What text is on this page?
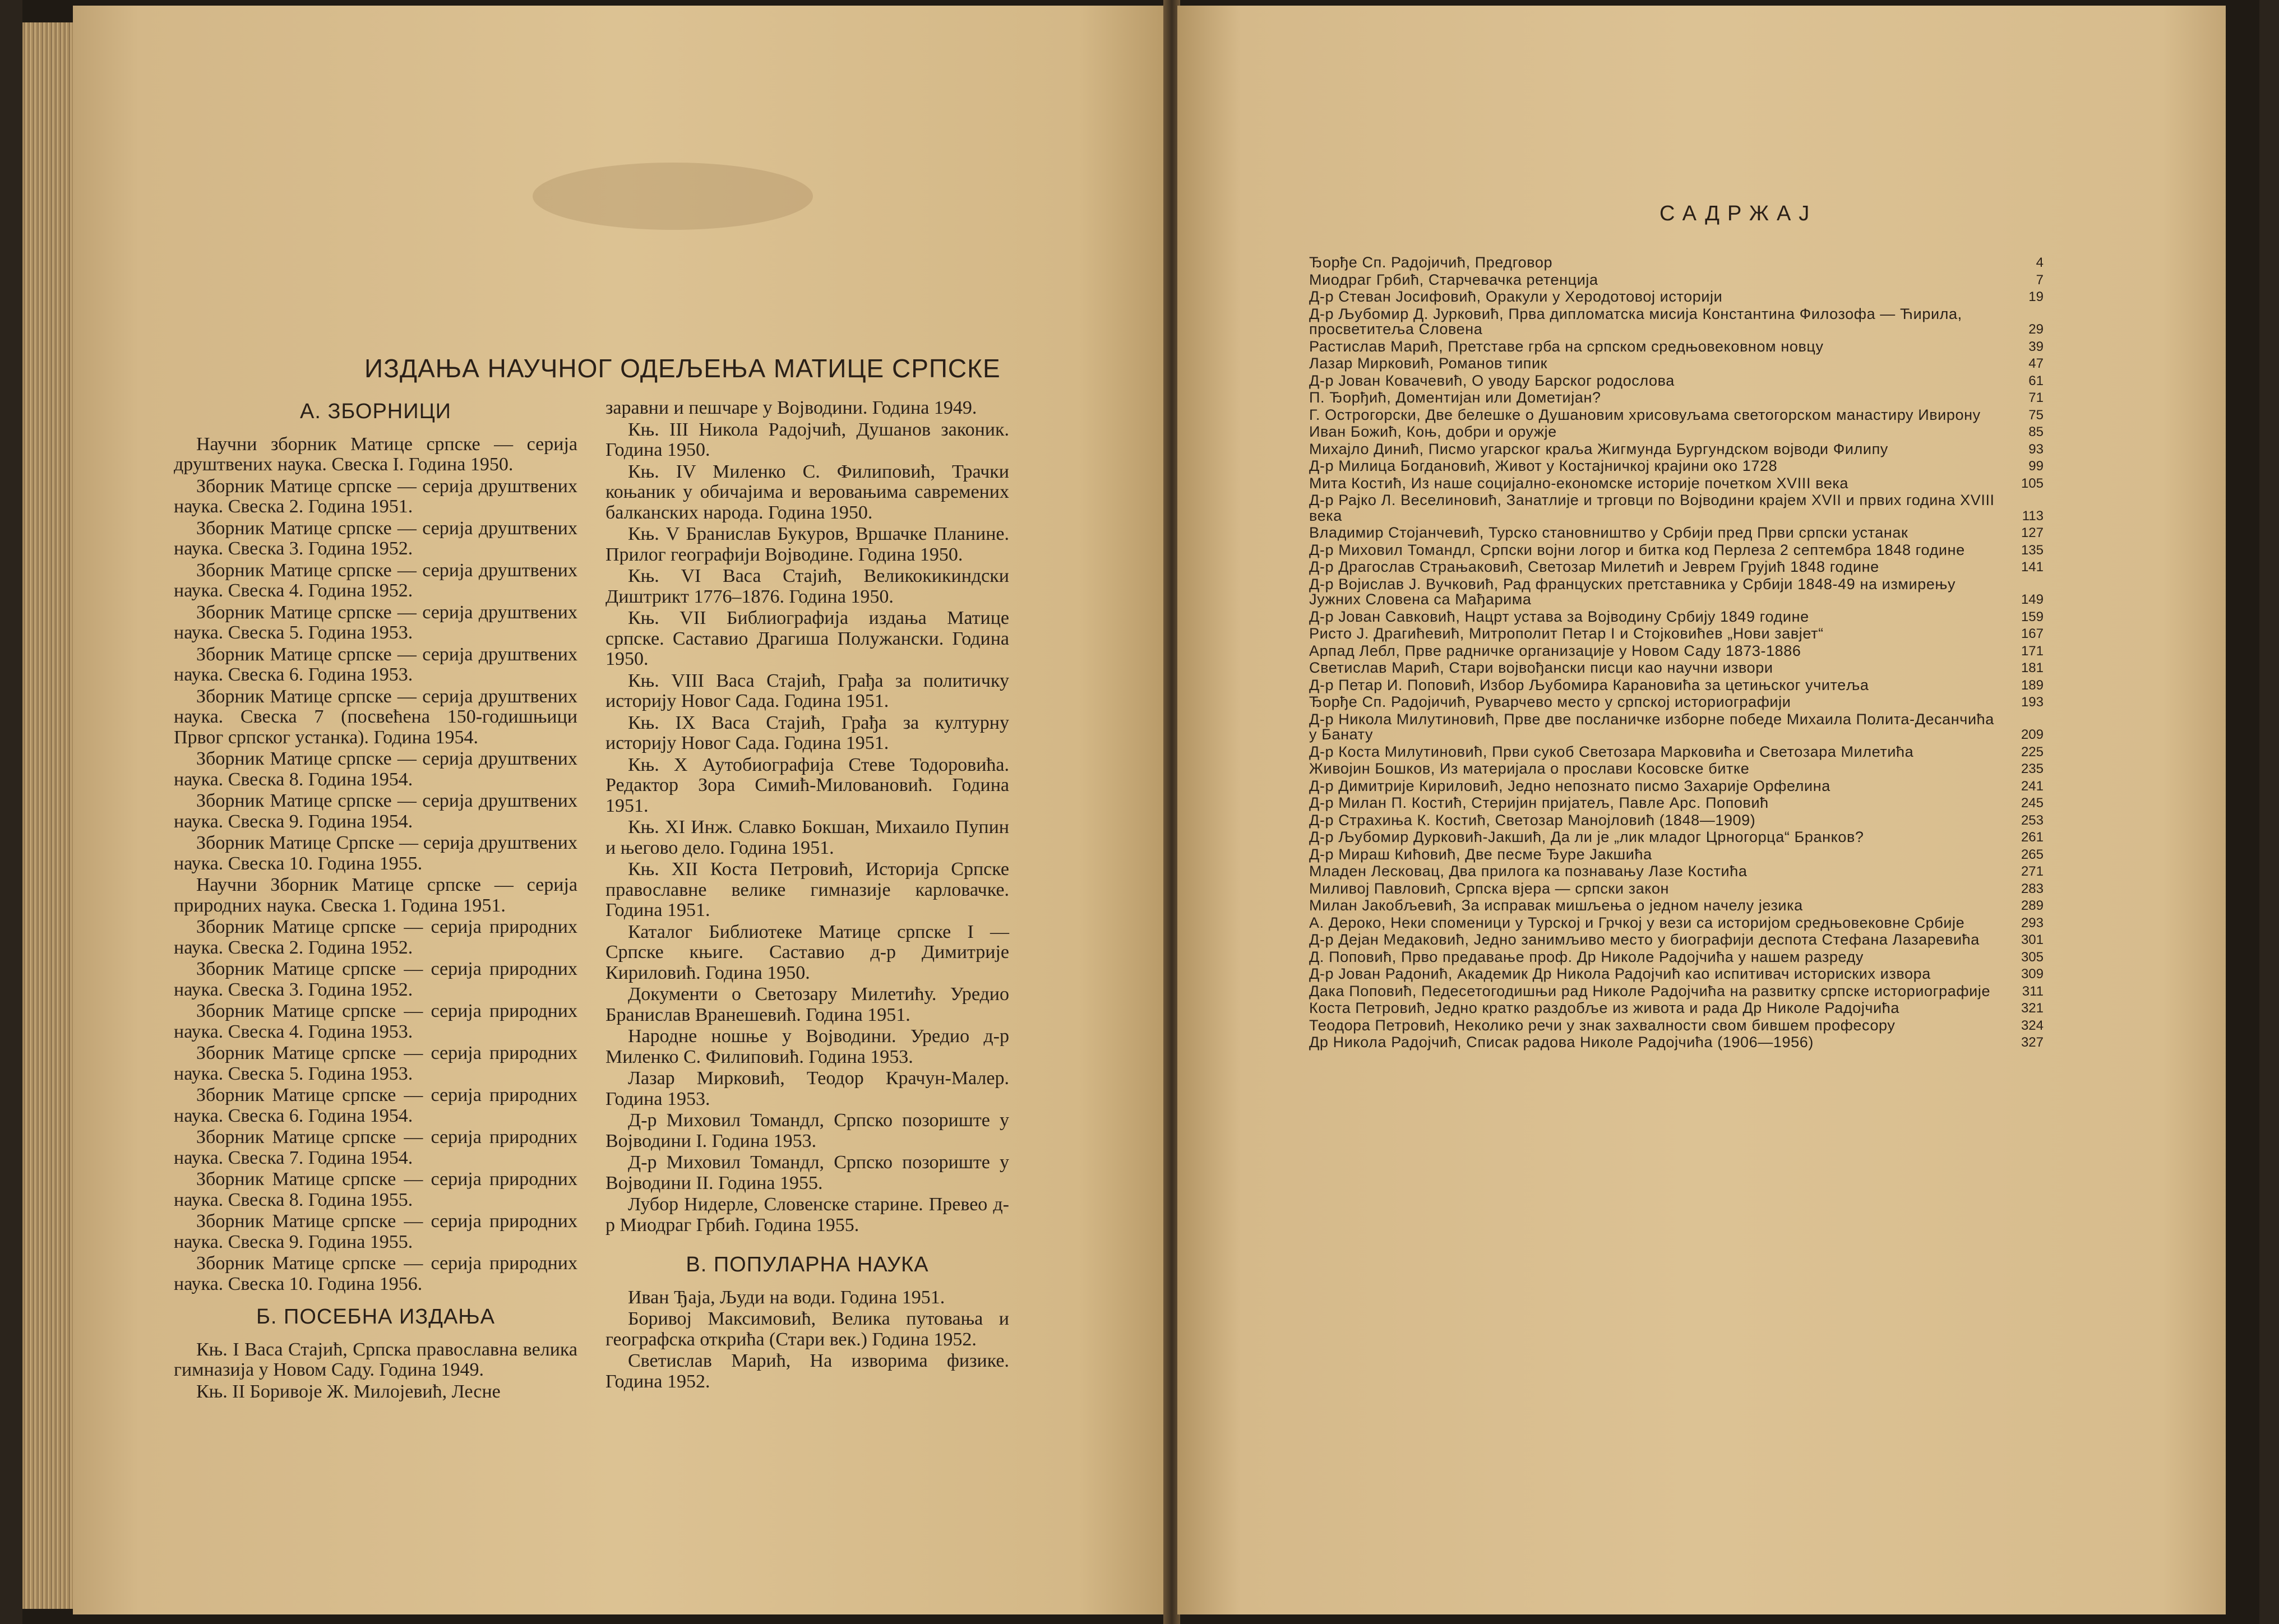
ИЗДАЊА НАУЧНОГ ОДЕЉЕЊА МАТИЦЕ СРПСКЕ
А. ЗБОРНИЦИ
Научни зборник Матице српске — серија друштвених наука. Свеска I. Година 1950.
Зборник Матице српске — серија друштвених наука. Свеска 2. Година 1951.
Зборник Матице српске — серија друштвених наука. Свеска 3. Година 1952.
Зборник Матице српске — серија друштвених наука. Свеска 4. Година 1952.
Зборник Матице српске — серија друштвених наука. Свеска 5. Година 1953.
Зборник Матице српске — серија друштвених наука. Свеска 6. Година 1953.
Зборник Матице српске — серија друштвених наука. Свеска 7 (посвећена 150-годишњици Првог српског устанка). Година 1954.
Зборник Матице српске — серија друштвених наука. Свеска 8. Година 1954.
Зборник Матице српске — серија друштвених наука. Свеска 9. Година 1954.
Зборник Матице Српске — серија друштвених наука. Свеска 10. Година 1955.
Научни Зборник Матице српске — серија природних наука. Свеска 1. Година 1951.
Зборник Матице српске — серија природних наука. Свеска 2. Година 1952.
Зборник Матице српске — серија природних наука. Свеска 3. Година 1952.
Зборник Матице српске — серија природних наука. Свеска 4. Година 1953.
Зборник Матице српске — серија природних наука. Свеска 5. Година 1953.
Зборник Матице српске — серија природних наука. Свеска 6. Година 1954.
Зборник Матице српске — серија природних наука. Свеска 7. Година 1954.
Зборник Матице српске — серија природних наука. Свеска 8. Година 1955.
Зборник Матице српске — серија природних наука. Свеска 9. Година 1955.
Зборник Матице српске — серија природних наука. Свеска 10. Година 1956.
Б. ПОСЕБНА ИЗДАЊА
Књ. I Васа Стајић, Српска православна велика гимназија у Новом Саду. Година 1949.
Књ. II Боривоје Ж. Милојевић, Лесне
заравни и пешчаре у Војводини. Година 1949.
Књ. III Никола Радојчић, Душанов законик. Година 1950.
Књ. IV Миленко С. Филиповић, Трачки коњаник у обичајима и веровањима савремених балканских народа. Година 1950.
Књ. V Бранислав Букуров, Вршачке Планине. Прилог географији Војводине. Година 1950.
Књ. VI Васа Стајић, Великокикиндски Диштрикт 1776–1876. Година 1950.
Књ. VII Библиографија издања Матице српске. Саставио Драгиша Полужански. Година 1950.
Књ. VIII Васа Стајић, Грађа за политичку историју Новог Сада. Година 1951.
Књ. IX Васа Стајић, Грађа за културну историју Новог Сада. Година 1951.
Књ. X Аутобиографија Стеве Тодоровића. Редактор Зора Симић-Миловановић. Година 1951.
Књ. XI Инж. Славко Бокшан, Михаило Пупин и његово дело. Година 1951.
Књ. XII Коста Петровић, Историја Српске православне велике гимназије карловачке. Година 1951.
Каталог Библиотеке Матице српске I — Српске књиге. Саставио д-р Димитрије Кириловић. Година 1950.
Документи о Светозару Милетићу. Уредио Бранислав Вранешевић. Година 1951.
Народне ношње у Војводини. Уредио д-р Миленко С. Филиповић. Година 1953.
Лазар Мирковић, Теодор Крачун-Малер. Година 1953.
Д-р Миховил Томандл, Српско позориште у Војводини I. Година 1953.
Д-р Миховил Томандл, Српско позориште у Војводини II. Година 1955.
Лубор Нидерле, Словенске старине. Превео д-р Миодраг Грбић. Година 1955.
В. ПОПУЛАРНА НАУКА
Иван Ђаја, Људи на води. Година 1951.
Боривој Максимовић, Велика путовања и географска открића (Стари век.) Година 1952.
Светислав Марић, На изворима физике. Година 1952.
САДРЖАЈ
Ђорђе Сп. Радојичић, Предговор	4
Миодраг Грбић, Старчевачка ретенција	7
Д-р Стеван Јосифовић, Оракули у Херодотовој историји	19
Д-р Љубомир Д. Јурковић, Прва дипломатска мисија Константина Филозофа — Ћирила, просветитеља Словена	29
Растислав Марић, Претставе грба на српском средњовековном новцу	39
Лазар Мирковић, Романов типик	47
Д-р Јован Ковачевић, О уводу Барског родослова	61
П. Ђорђић, Доментијан или Дометијан?	71
Г. Острогорски, Две белешке о Душановим хрисовуљама светогорском манастиру Ивирону	75
Иван Божић, Коњ, добри и оружје	85
Михајло Динић, Писмо угарског краља Жигмунда Бургундском војводи Филипу	93
Д-р Милица Богдановић, Живот у Костајничкој крајини око 1728	99
Мита Костић, Из наше социјално-економске историје почетком XVIII века	105
Д-р Рајко Л. Веселиновић, Занатлије и трговци по Војводини крајем XVII и првих година XVIII века	113
Владимир Стојанчевић, Турско становништво у Србији пред Први српски устанак	127
Д-р Миховил Томандл, Српски војни логор и битка код Перлеза 2 септембра 1848 године	135
Д-р Драгослав Страњаковић, Светозар Милетић и Јеврем Грујић 1848 године	141
Д-р Војислав Ј. Вучковић, Рад француских претставника у Србији 1848-49 на измирењу Јужних Словена са Мађарима	149
Д-р Јован Савковић, Нацрт устава за Војводину Србију 1849 године	159
Ристо Ј. Драгићевић, Митрополит Петар I и Стојковићев „Нови завјет“	167
Арпад Лебл, Прве радничке организације у Новом Саду 1873-1886	171
Светислав Марић, Стари војвођански писци као научни извори	181
Д-р Петар И. Поповић, Избор Љубомира Карановића за цетињског учитеља	189
Ђорђе Сп. Радојичић, Руварчево место у српској историографији	193
Д-р Никола Милутиновић, Прве две посланичке изборне победе Михаила Полита-Десанчића у Банату	209
Д-р Коста Милутиновић, Први сукоб Светозара Марковића и Светозара Милетића	225
Живојин Бошков, Из материјала о прослави Косовске битке	235
Д-р Димитрије Кириловић, Једно непознато писмо Захарије Орфелина	241
Д-р Милан П. Костић, Стеријин пријатељ, Павле Арс. Поповић	245
Д-р Страхиња К. Костић, Светозар Манојловић (1848—1909)	253
Д-р Љубомир Дурковић-Јакшић, Да ли је „лик младог Црногорца“ Бранков?	261
Д-р Мираш Кићовић, Две песме Ђуре Јакшића	265
Младен Лесковац, Два прилога ка познавању Лазе Костића	271
Миливој Павловић, Српска вјера — српски закон	283
Милан Јакобљевић, За исправак мишљења о једном начелу језика	289
А. Дероко, Неки споменици у Турској и Грчкој у вези са историјом средњовековне Србије	293
Д-р Дејан Медаковић, Једно занимљиво место у биографији деспота Стефана Лазаревића	301
Д. Поповић, Прво предавање проф. Др Николе Радојчића у нашем разреду	305
Д-р Јован Радонић, Академик Др Никола Радојчић као испитивач историских извора	309
Дака Поповић, Педесетогодишњи рад Николе Радојчића на развитку српске историографије	311
Коста Петровић, Једно кратко раздобље из живота и рада Др Николе Радојчића	321
Теодора Петровић, Неколико речи у знак захвалности свом бившем професору	324
Др Никола Радојчић, Списак радова Николе Радојчића (1906—1956)	327
